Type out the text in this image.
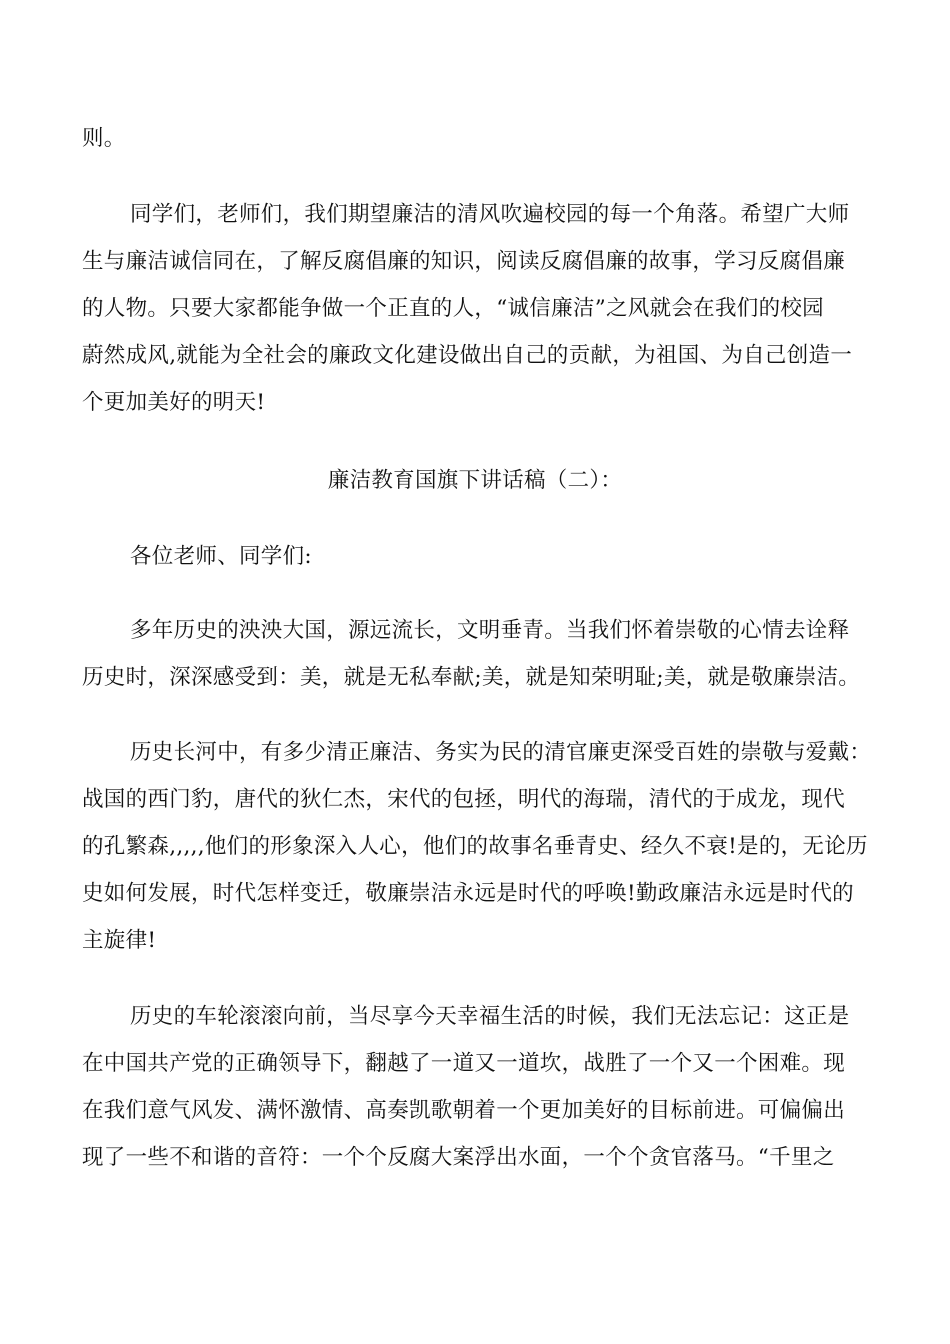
则。
同学们，老师们，我们期望廉洁的清风吹遍校园的每一个角落。希望广大师
生与廉洁诚信同在，了解反腐倡廉的知识，阅读反腐倡廉的故事，学习反腐倡廉
的人物。只要大家都能争做一个正直的人，“诚信廉洁”之风就会在我们的校园
蔚然成风,就能为全社会的廉政文化建设做出自己的贡献，为祖国、为自己创造一
个更加美好的明天!
廉洁教育国旗下讲话稿（二）：
各位老师、同学们:
多年历史的泱泱大国，源远流长，文明垂青。当我们怀着崇敬的心情去诠释
历史时，深深感受到：美，就是无私奉献;美，就是知荣明耻;美，就是敬廉崇洁。
历史长河中，有多少清正廉洁、务实为民的清官廉吏深受百姓的崇敬与爱戴：
战国的西门豹，唐代的狄仁杰，宋代的包拯，明代的海瑞，清代的于成龙，现代
的孔繁森,,,,,他们的形象深入人心，他们的故事名垂青史、经久不衰!是的，无论历
史如何发展，时代怎样变迁，敬廉崇洁永远是时代的呼唤!勤政廉洁永远是时代的
主旋律!
历史的车轮滚滚向前，当尽享今天幸福生活的时候，我们无法忘记：这正是
在中国共产党的正确领导下，翻越了一道又一道坎，战胜了一个又一个困难。现
在我们意气风发、满怀激情、高奏凯歌朝着一个更加美好的目标前进。可偏偏出
现了一些不和谐的音符：一个个反腐大案浮出水面，一个个贪官落马。“千里之
